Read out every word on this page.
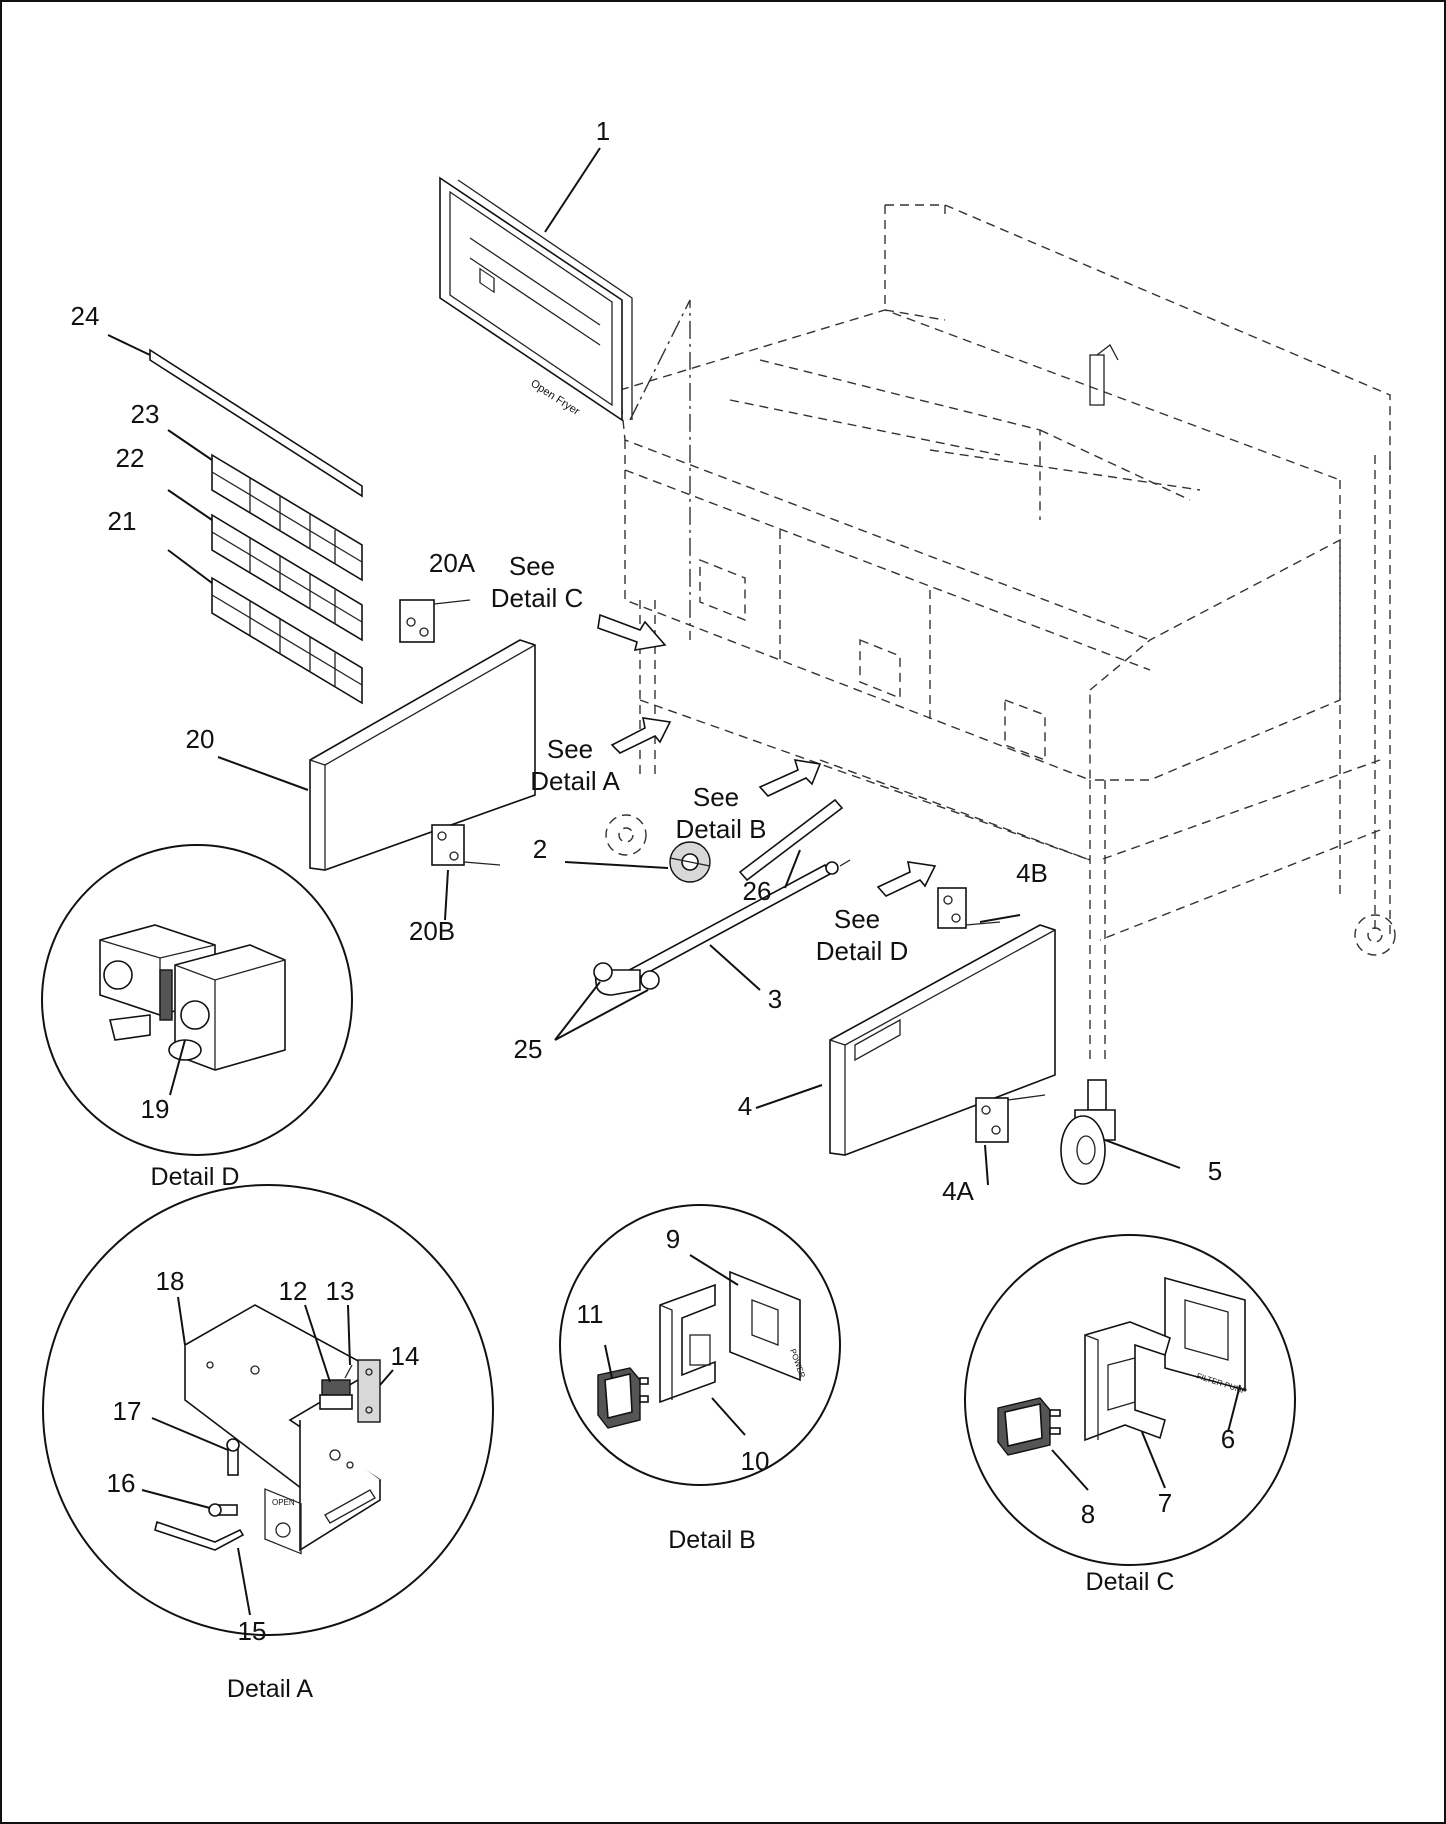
Open Fryer
1
24
23
22
21
20A
20
20B
2
26
3
25
4
4B
4A
5
See
Detail C
See
Detail A
See
Detail B
See
Detail D
19
Detail D
OPEN
18	12 13
14
17
16
15
Detail A
POWER
9
11
10
Detail B
FILTER PUMP
6
7
8
Detail C
